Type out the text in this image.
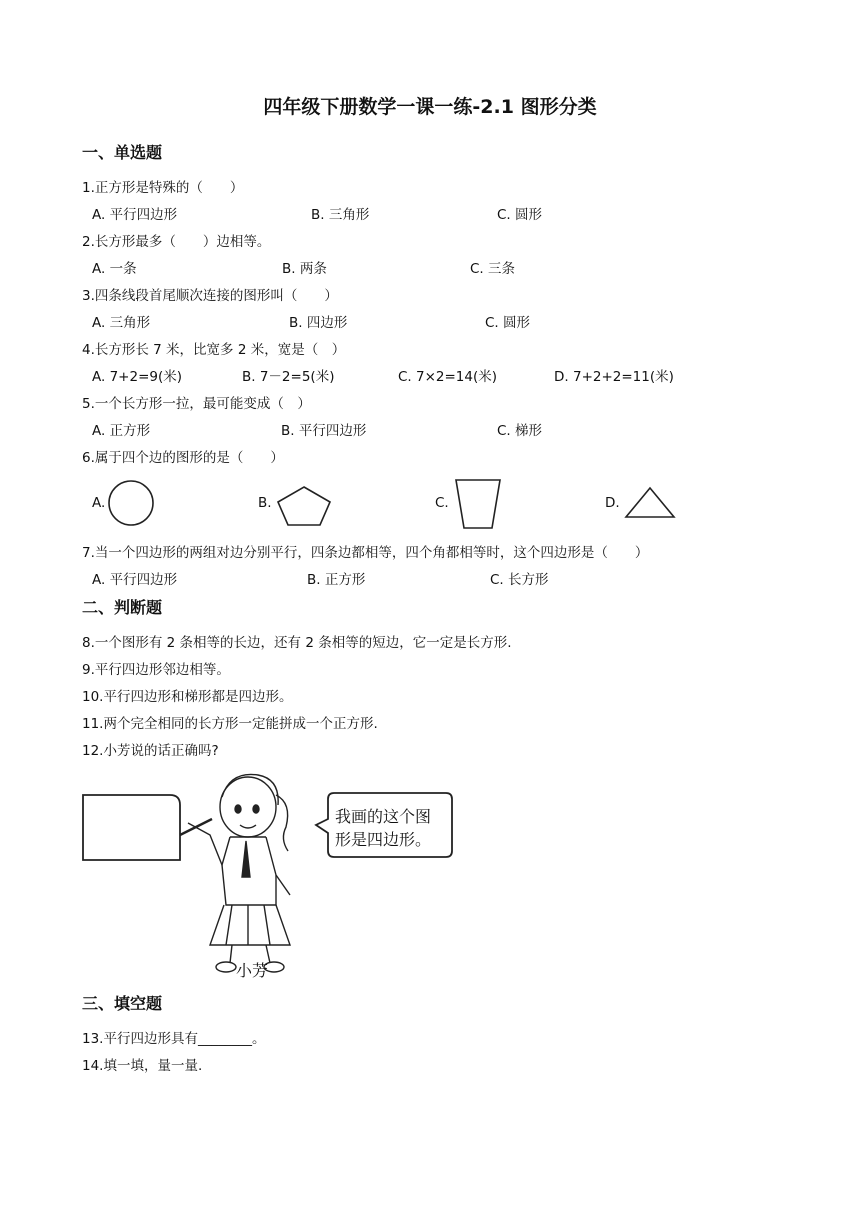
四年级下册数学一课一练-2.1 图形分类
一、单选题
1.正方形是特殊的（　　）
A. 平行四边形	B. 三角形	C. 圆形
2.长方形最多（　　）边相等。
A. 一条	B. 两条	C. 三条
3.四条线段首尾顺次连接的图形叫（　　）
A. 三角形	B. 四边形	C. 圆形
4.长方形长 7 米，比宽多 2 米，宽是（　）
A. 7+2=9(米)	B. 7－2=5(米)	C. 7×2=14(米)	D. 7+2+2=11(米)
5.一个长方形一拉，最可能变成（　）
A. 正方形	B. 平行四边形	C. 梯形
6.属于四个边的图形的是（　　）
A.	B.	C.	D.
7.当一个四边形的两组对边分别平行，四条边都相等，四个角都相等时，这个四边形是（　　）
A. 平行四边形	B. 正方形	C. 长方形
二、判断题
8.一个图形有 2 条相等的长边，还有 2 条相等的短边，它一定是长方形.
9.平行四边形邻边相等。
10.平行四边形和梯形都是四边形。
11.两个完全相同的长方形一定能拼成一个正方形.
12.小芳说的话正确吗?
我画的这个图
形是四边形。
小芳
三、填空题
13.平行四边形具有________。
14.填一填，量一量.
